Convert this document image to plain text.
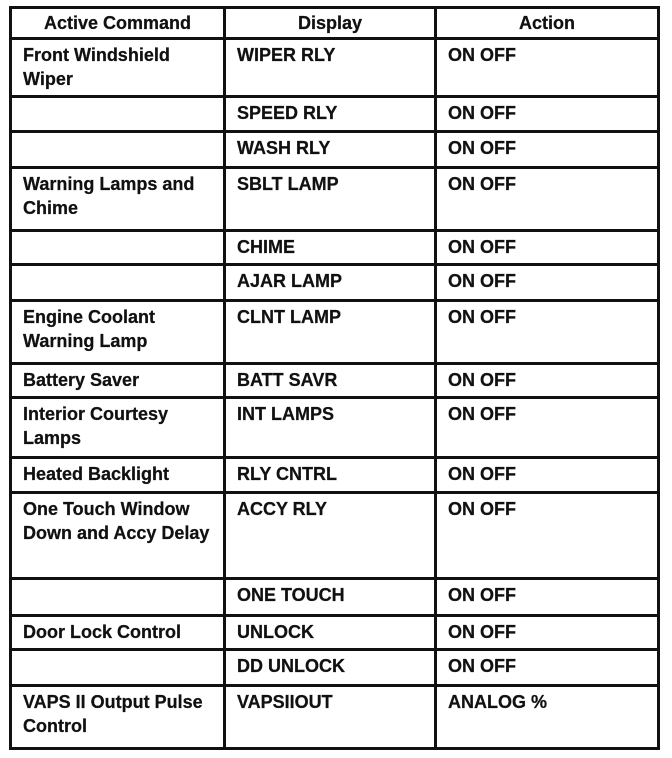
Active Command	Display	Action
Front Windshield Wiper	WIPER RLY	ON OFF
	SPEED RLY	ON OFF
	WASH RLY	ON OFF
Warning Lamps and Chime	SBLT LAMP	ON OFF
	CHIME	ON OFF
	AJAR LAMP	ON OFF
Engine Coolant Warning Lamp	CLNT LAMP	ON OFF
Battery Saver	BATT SAVR	ON OFF
Interior Courtesy Lamps	INT LAMPS	ON OFF
Heated Backlight	RLY CNTRL	ON OFF
One Touch Window Down and Accy Delay	ACCY RLY	ON OFF
	ONE TOUCH	ON OFF
Door Lock Control	UNLOCK	ON OFF
	DD UNLOCK	ON OFF
VAPS II Output Pulse Control	VAPSIIOUT	ANALOG %
